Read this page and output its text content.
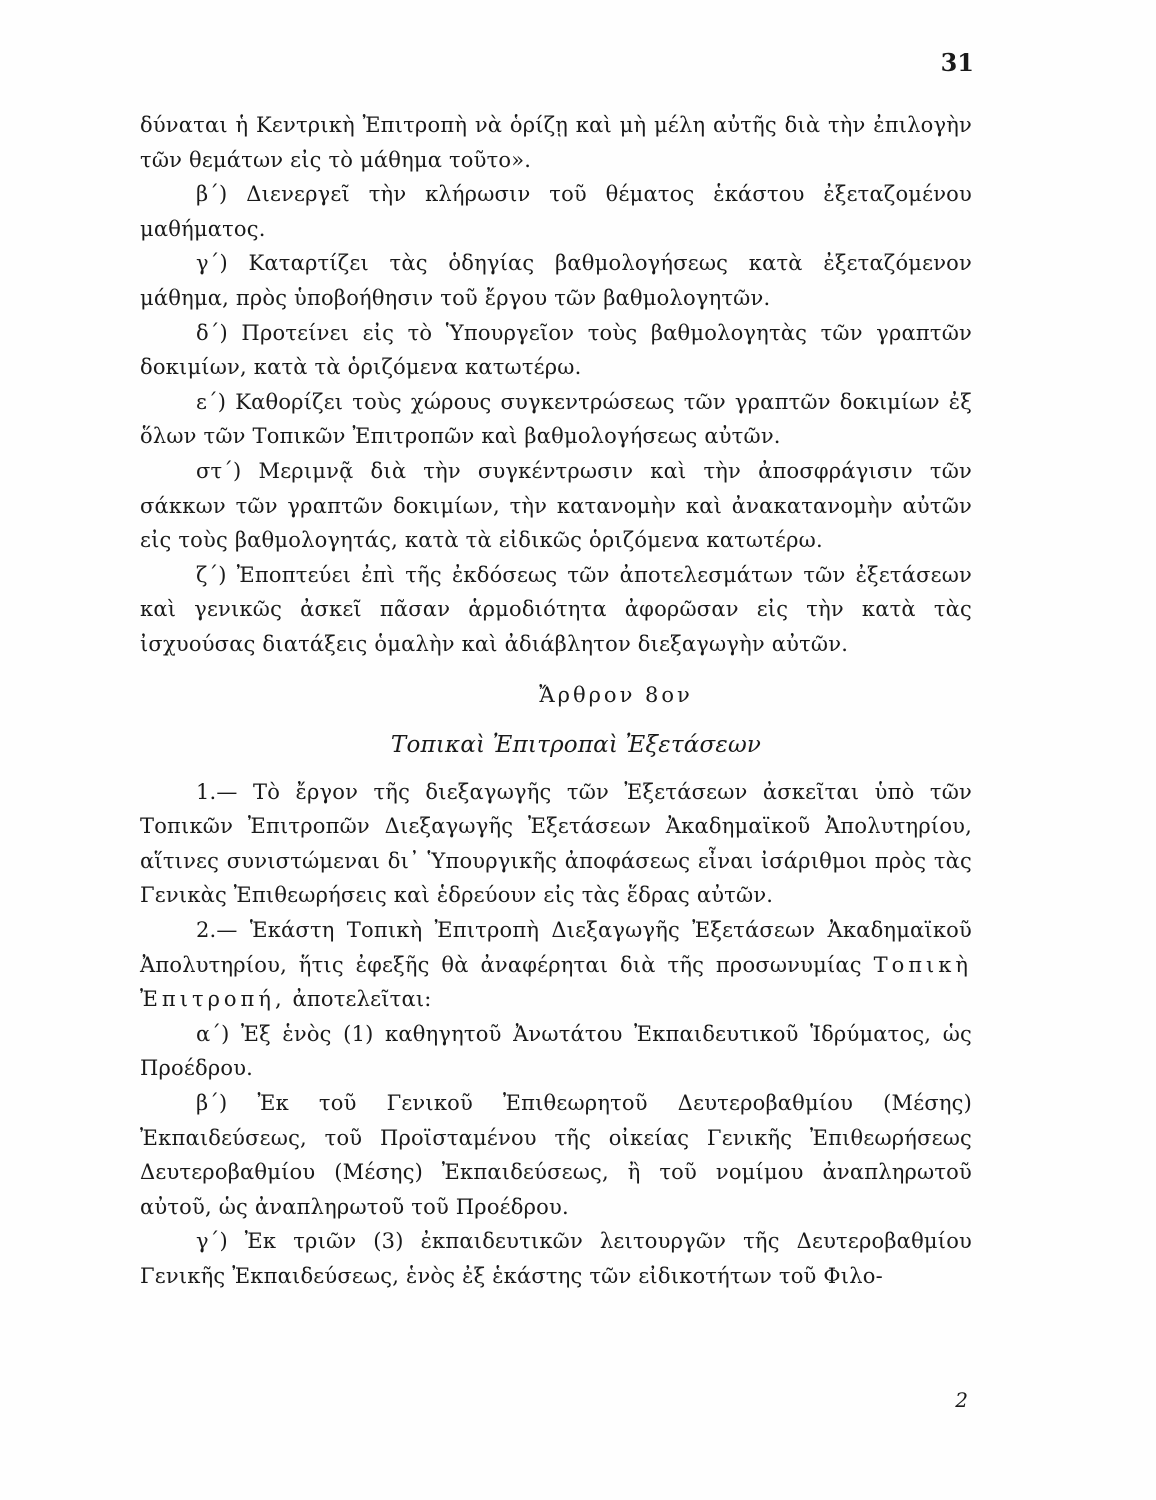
31

δύναται ἡ Κεντρικὴ Ἐπιτροπὴ νὰ ὁρίζῃ καὶ μὴ μέλη αὐτῆς διὰ τὴν ἐπιλογὴν τῶν θεμάτων εἰς τὸ μάθημα τοῦτο».

β΄) Διενεργεῖ τὴν κλήρωσιν τοῦ θέματος ἑκάστου ἐξεταζομένου μαθήματος.

γ΄) Καταρτίζει τὰς ὁδηγίας βαθμολογήσεως κατὰ ἐξεταζόμενον μάθημα, πρὸς ὑποβοήθησιν τοῦ ἔργου τῶν βαθμολογητῶν.

δ΄) Προτείνει εἰς τὸ Ὑπουργεῖον τοὺς βαθμολογητὰς τῶν γραπτῶν δοκιμίων, κατὰ τὰ ὁριζόμενα κατωτέρω.

ε΄) Καθορίζει τοὺς χώρους συγκεντρώσεως τῶν γραπτῶν δοκιμίων ἐξ ὅλων τῶν Τοπικῶν Ἐπιτροπῶν καὶ βαθμολογήσεως αὐτῶν.

στ΄) Μεριμνᾷ διὰ τὴν συγκέντρωσιν καὶ τὴν ἀποσφράγισιν τῶν σάκκων τῶν γραπτῶν δοκιμίων, τὴν κατανομὴν καὶ ἀνακατανομὴν αὐτῶν εἰς τοὺς βαθμολογητάς, κατὰ τὰ εἰδικῶς ὁριζόμενα κατωτέρω.

ζ΄) Ἐποπτεύει ἐπὶ τῆς ἐκδόσεως τῶν ἀποτελεσμάτων τῶν ἐξετάσεων καὶ γενικῶς ἀσκεῖ πᾶσαν ἁρμοδιότητα ἀφορῶσαν εἰς τὴν κατὰ τὰς ἰσχυούσας διατάξεις ὁμαλὴν καὶ ἀδιάβλητον διεξαγωγὴν αὐτῶν.

Ἄρθρον 8ον

Τοπικαὶ Ἐπιτροπαὶ Ἐξετάσεων

1.— Τὸ ἔργον τῆς διεξαγωγῆς τῶν Ἐξετάσεων ἀσκεῖται ὑπὸ τῶν Τοπικῶν Ἐπιτροπῶν Διεξαγωγῆς Ἐξετάσεων Ἀκαδημαϊκοῦ Ἀπολυτηρίου, αἵτινες συνιστώμεναι δι᾿ Ὑπουργικῆς ἀποφάσεως εἶναι ἰσάριθμοι πρὸς τὰς Γενικὰς Ἐπιθεωρήσεις καὶ ἑδρεύουν εἰς τὰς ἕδρας αὐτῶν.

2.— Ἑκάστη Τοπικὴ Ἐπιτροπὴ Διεξαγωγῆς Ἐξετάσεων Ἀκαδημαϊκοῦ Ἀπολυτηρίου, ἥτις ἐφεξῆς θὰ ἀναφέρηται διὰ τῆς προσωνυμίας Τοπικὴ Ἐπιτροπή, ἀποτελεῖται:

α΄) Ἐξ ἑνὸς (1) καθηγητοῦ Ἀνωτάτου Ἐκπαιδευτικοῦ Ἱδρύματος, ὡς Προέδρου.

β΄) Ἐκ τοῦ Γενικοῦ Ἐπιθεωρητοῦ Δευτεροβαθμίου (Μέσης) Ἐκπαιδεύσεως, τοῦ Προϊσταμένου τῆς οἰκείας Γενικῆς Ἐπιθεωρήσεως Δευτεροβαθμίου (Μέσης) Ἐκπαιδεύσεως, ἢ τοῦ νομίμου ἀναπληρωτοῦ αὐτοῦ, ὡς ἀναπληρωτοῦ τοῦ Προέδρου.

γ΄) Ἐκ τριῶν (3) ἐκπαιδευτικῶν λειτουργῶν τῆς Δευτεροβαθμίου Γενικῆς Ἐκπαιδεύσεως, ἑνὸς ἐξ ἑκάστης τῶν εἰδικοτήτων τοῦ Φιλο-

2
